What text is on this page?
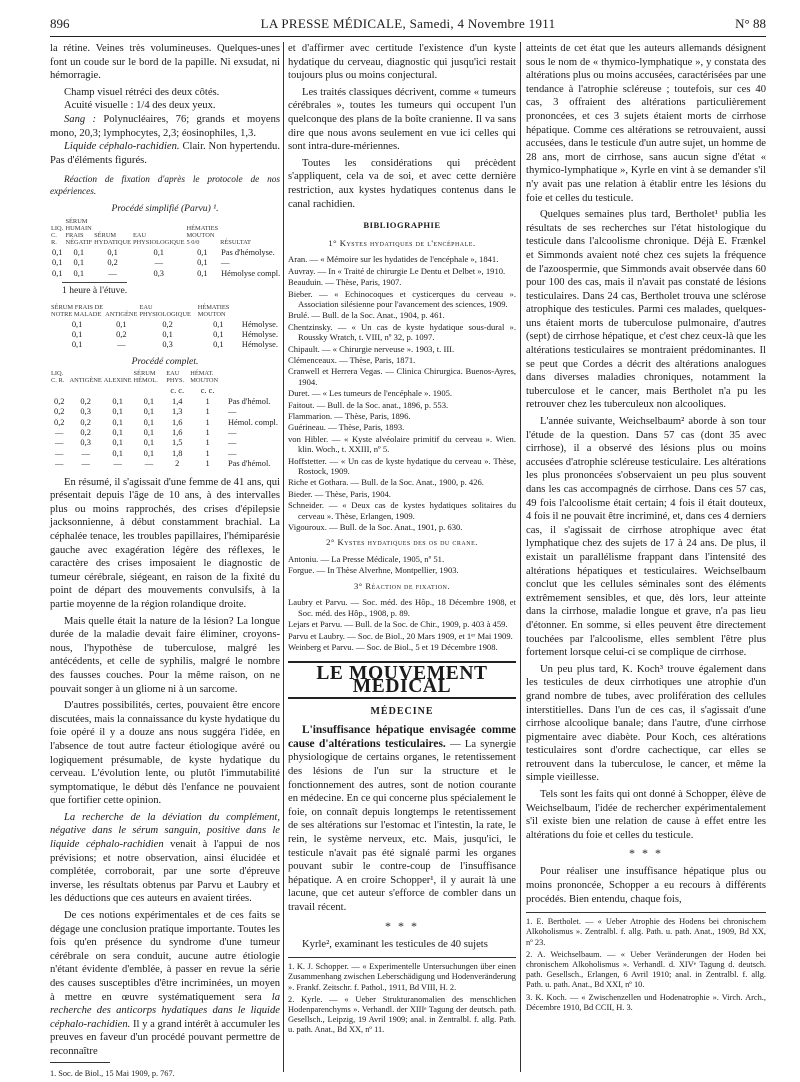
896	LA PRESSE MÉDICALE, Samedi, 4 Novembre 1911	N° 88

la rétine. Veines très volumineuses. Quelques-unes font un coude sur le bord de la papille. Ni exsudat, ni hémorragie.

Champ visuel rétréci des deux côtés.

Acuité visuelle : 1/4 des deux yeux.

Sang : Polynucléaires, 76; grands et moyens mono, 20,3; lymphocytes, 2,3; éosinophiles, 1,3.

Liquide céphalo-rachidien. Clair. Non hypertendu. Pas d'éléments figurés.

Réaction de fixation d'après le protocole de nos expériences.

Procédé simplifié (Parvu) ¹.
LIQ. C. R.	SÉRUM HUMAIN FRAIS NÉGATIF	SÉRUM HYDATIQUE	EAU PHYSIOLOGIQUE	HÉMATIES MOUTON 5 0/0	RÉSULTAT
0,1	0,1	0,1	0,1	0,1	Pas d'hémolyse.
0,1	0,1	0,2	—	0,1	—
0,1	0,1	—	0,3	0,1	Hémolyse compl.
1 heure à l'étuve.
SÉRUM FRAIS DE NOTRE MALADE	ANTIGÈNE	EAU PHYSIOLOGIQUE	HÉMATIES MOUTON	
0,1	0,1	0,2	0,1	Hémolyse.
0,1	0,2	0,1	0,1	Hémolyse.
0,1	—	0,3	0,1	Hémolyse.
Procédé complet.
LIQ. C. R.	ANTIGÈNE	ALEXINE	SÉRUM HÉMOL.	EAU PHYS.	HÉMAT. MOUTON	
				c. c.	c. c.	
0,2	0,2	0,1	0,1	1,4	1	Pas d'hémol.
0,2	0,3	0,1	0,1	1,3	1	—
0,2	0,2	0,1	0,1	1,6	1	Hémol. compl.
—	0,2	0,1	0,1	1,6	1	—
—	0,3	0,1	0,1	1,5	1	—
—	—	0,1	0,1	1,8	1	—
—	—	—	—	2	1	Pas d'hémol.

En résumé, il s'agissait d'une femme de 41 ans, qui présentait depuis l'âge de 10 ans, à des intervalles plus ou moins rapprochés, des crises d'épilepsie jacksonnienne, à début constamment brachial. La céphalée tenace, les troubles papillaires, l'hémiparésie gauche avec exagération légère des réflexes, le caractère des crises imposaient le diagnostic de tumeur cérébrale, siégeant, en raison de la fixité du point de départ des mouvements convulsifs, à la partie moyenne de la région rolandique droite.

Mais quelle était la nature de la lésion? La longue durée de la maladie devait faire éliminer, croyons-nous, l'hypothèse de tuberculose, malgré les antécédents, et celle de syphilis, malgré le nombre des fausses couches. Pour la même raison, on ne pouvait songer à un gliome ni à un sarcome.

D'autres possibilités, certes, pouvaient être encore discutées, mais la connaissance du kyste hydatique du foie opéré il y a douze ans nous suggéra l'idée, en l'absence de tout autre facteur étiologique avéré ou logiquement présumable, de kyste hydatique du cerveau. L'évolution lente, ou plutôt l'immutabilité symptomatique, le début dès l'enfance ne pouvaient que fortifier cette opinion.

La recherche de la déviation du complément, négative dans le sérum sanguin, positive dans le liquide céphalo-rachidien venait à l'appui de nos prévisions; et notre observation, ainsi élucidée et complétée, corroborait, par une sorte d'épreuve inverse, les résultats obtenus par Parvu et Laubry et les déductions que ces auteurs en avaient tirées.

De ces notions expérimentales et de ces faits se dégage une conclusion pratique importante. Toutes les fois qu'en présence du syndrome d'une tumeur cérébrale on sera conduit, aucune autre étiologie n'étant évidente d'emblée, à passer en revue la série des causes susceptibles d'être incriminées, un moyen à mettre en œuvre systématiquement sera la recherche des anticorps hydatiques dans le liquide céphalo-rachidien. Il y a grand intérêt à accumuler les preuves en faveur d'un procédé pouvant permettre de reconnaître

1. Soc. de Biol., 15 Mai 1909, p. 767.

et d'affirmer avec certitude l'existence d'un kyste hydatique du cerveau, diagnostic qui jusqu'ici restait toujours plus ou moins conjectural.

Les traités classiques décrivent, comme « tumeurs cérébrales », toutes les tumeurs qui occupent l'un quelconque des plans de la boîte cranienne. Il va sans dire que nous avons seulement en vue ici celles qui sont intra-dure-mériennes.

Toutes les considérations qui précèdent s'appliquent, cela va de soi, et avec cette dernière restriction, aux kystes hydatiques contenus dans le canal rachidien.

BIBLIOGRAPHIE
1° Kystes hydatiques de l'encéphale.

Aran. — « Mémoire sur les hydatides de l'encéphale », 1841.

Auvray. — In « Traité de chirurgie Le Dentu et Delbet », 1910.

Beauduin. — Thèse, Paris, 1907.

Bieber. — « Echinocoques et cysticerques du cerveau ». Association silésienne pour l'avancement des sciences, 1909.

Brulé. — Bull. de la Soc. Anat., 1904, p. 461.

Chentzinsky. — « Un cas de kyste hydatique sous-dural ». Roussky Wratch, t. VIII, nº 32, p. 1097.

Chipault. — « Chirurgie nerveuse ». 1903, t. III.

Clémenceaux. — Thèse, Paris, 1871.

Cranwell et Herrera Vegas. — Clinica Chirurgica. Buenos-Ayres, 1904.

Duret. — « Les tumeurs de l'encéphale ». 1905.

Faitout. — Bull. de la Soc. anat., 1896, p. 553.

Flammarion. — Thèse, Paris, 1896.

Guérineau. — Thèse, Paris, 1893.

von Hibler. — « Kyste alvéolaire primitif du cerveau ». Wien. klin. Woch., t. XXIII, nº 5.

Hoffstetter. — « Un cas de kyste hydatique du cerveau ». Thèse, Rostock, 1909.

Riche et Gothara. — Bull. de la Soc. Anat., 1900, p. 426.

Bieder. — Thèse, Paris, 1904.

Schneider. — « Deux cas de kystes hydatiques solitaires du cerveau ». Thèse, Erlangen, 1909.

Vigouroux. — Bull. de la Soc. Anat., 1901, p. 630.

2° Kystes hydatiques des os du crane.

Antoniu. — La Presse Médicale, 1905, nº 51.

Forgue. — In Thèse Alverhne, Montpellier, 1903.

3° Réaction de fixation.

Laubry et Parvu. — Soc. méd. des Hôp., 18 Décembre 1908, et Soc. méd. des Hôp., 1908, p. 89.

Lejars et Parvu. — Bull. de la Soc. de Chir., 1909, p. 403 à 459.

Parvu et Laubry. — Soc. de Biol., 20 Mars 1909, et 1ᵉʳ Mai 1909.

Weinberg et Parvu. — Soc. de Biol., 5 et 19 Décembre 1908.

LE MOUVEMENT MÉDICAL
MÉDECINE

L'insuffisance hépatique envisagée comme cause d'altérations testiculaires. — La synergie physiologique de certains organes, le retentissement des lésions de l'un sur la structure et le fonctionnement des autres, sont de notion courante en médecine. En ce qui concerne plus spécialement le foie, on connaît depuis longtemps le retentissement de ses altérations sur l'estomac et l'intestin, la rate, le rein, le système nerveux, etc. Mais, jusqu'ici, le testicule n'avait pas été signalé parmi les organes pouvant subir le contre-coup de l'insuffisance hépatique. A en croire Schopper¹, il y aurait là une lacune, que cet auteur s'efforce de combler dans un travail récent.

* * *

Kyrle², examinant les testicules de 40 sujets

1. K. J. Schopper. — « Experimentelle Untersuchungen über einen Zusammenhang zwischen Leberschädigung und Hodenveränderung ». Frankf. Zeitschr. f. Pathol., 1911, Bd VIII, H. 2.

2. Kyrle. — « Ueber Strukturanomalien des menschlichen Hodenparenchyms ». Verhandl. der XIIIᵉ Tagung der deutsch. path. Gesellsch., Leipzig, 19 Avril 1909; anal. in Zentralbl. f. allg. Path. u. path. Anat., Bd XX, nº 11.

atteints de cet état que les auteurs allemands désignent sous le nom de « thymico-lymphatique », y constata des altérations plus ou moins accusées, caractérisées par une tendance à l'atrophie scléreuse ; toutefois, sur ces 40 cas, 3 offraient des altérations particulièrement prononcées, et ces 3 sujets étaient morts de cirrhose hépatique. Comme ces altérations se retrouvaient, aussi accusées, dans le testicule d'un autre sujet, un homme de 28 ans, mort de cirrhose, sans aucun signe d'état « thymico-lymphatique », Kyrle en vint à se demander s'il n'y avait pas une relation à établir entre les lésions du foie et celles du testicule.

Quelques semaines plus tard, Bertholet¹ publia les résultats de ses recherches sur l'état histologique du testicule dans l'alcoolisme chronique. Déjà E. Frænkel et Simmonds avaient noté chez ces sujets la fréquence de l'azoospermie, que Simmonds avait observée dans 60 pour 100 des cas, mais il n'avait pas constaté de lésions testiculaires. Dans 24 cas, Bertholet trouva une sclérose atrophique des testicules. Parmi ces malades, quelques-uns étaient morts de tuberculose pulmonaire, d'autres (sept) de cirrhose hépatique, et c'est chez ceux-là que les altérations testiculaires se montraient prédominantes. Il se peut que Cordes a décrit des altérations analogues dans diverses maladies chroniques, notamment la tuberculose et le cancer, mais Bertholet n'a pu les retrouver chez les tuberculeux non alcooliques.

L'année suivante, Weichselbaum² aborde à son tour l'étude de la question. Dans 57 cas (dont 35 avec cirrhose), il a observé des lésions plus ou moins accusées d'atrophie scléreuse testiculaire. Les altérations les plus prononcées s'observaient un peu plus souvent dans les cas accompagnés de cirrhose. Dans ces 57 cas, 49 fois l'alcoolisme était certain; 4 fois il était douteux, 4 fois il ne pouvait être incriminé, et, dans ces 4 derniers cas, il s'agissait de cirrhose atrophique avec état lymphatique chez des sujets de 17 à 24 ans. De plus, il existait un parallélisme frappant dans l'intensité des altérations hépatiques et testiculaires. Weichselbaum conclut que les cellules séminales sont des éléments extrêmement sensibles, et que, dès lors, leur atteinte dans la cirrhose, maladie longue et grave, n'a pas lieu d'étonner. En somme, si elles peuvent être directement touchées par l'alcoolisme, elles semblent l'être plus fortement lorsque celui-ci se complique de cirrhose.

Un peu plus tard, K. Koch³ trouve également dans les testicules de deux cirrhotiques une atrophie d'un grand nombre de tubes, avec prolifération des cellules interstitielles. Dans l'un de ces cas, il s'agissait d'une cirrhose alcoolique banale; dans l'autre, d'une cirrhose pigmentaire avec diabète. Pour Koch, ces altérations testiculaires sont d'ordre cachectique, car elles se retrouvent dans la tuberculose, le cancer, et même la simple vieillesse.

Tels sont les faits qui ont donné à Schopper, élève de Weichselbaum, l'idée de rechercher expérimentalement s'il existe bien une relation de cause à effet entre les altérations du foie et celles du testicule.

* * *

Pour réaliser une insuffisance hépatique plus ou moins prononcée, Schopper a eu recours à différents procédés. Bien entendu, chaque fois,

1. E. Bertholet. — « Ueber Atrophie des Hodens bei chronischem Alkoholismus ». Zentralbl. f. allg. Path. u. path. Anat., 1909, Bd XX, nº 23.

2. A. Weichselbaum. — « Ueber Veränderungen der Hoden bei chronischem Alkoholismus ». Verhandl. d. XIVᵉ Tagung d. deutsch. path. Gesellsch., Erlangen, 6 Avril 1910; anal. in Zentralbl. f. allg. Path. u. path. Anat., Bd XXI, nº 10.

3. K. Koch. — « Zwischenzellen und Hodenatrophie ». Virch. Arch., Décembre 1910, Bd CCII, H. 3.
